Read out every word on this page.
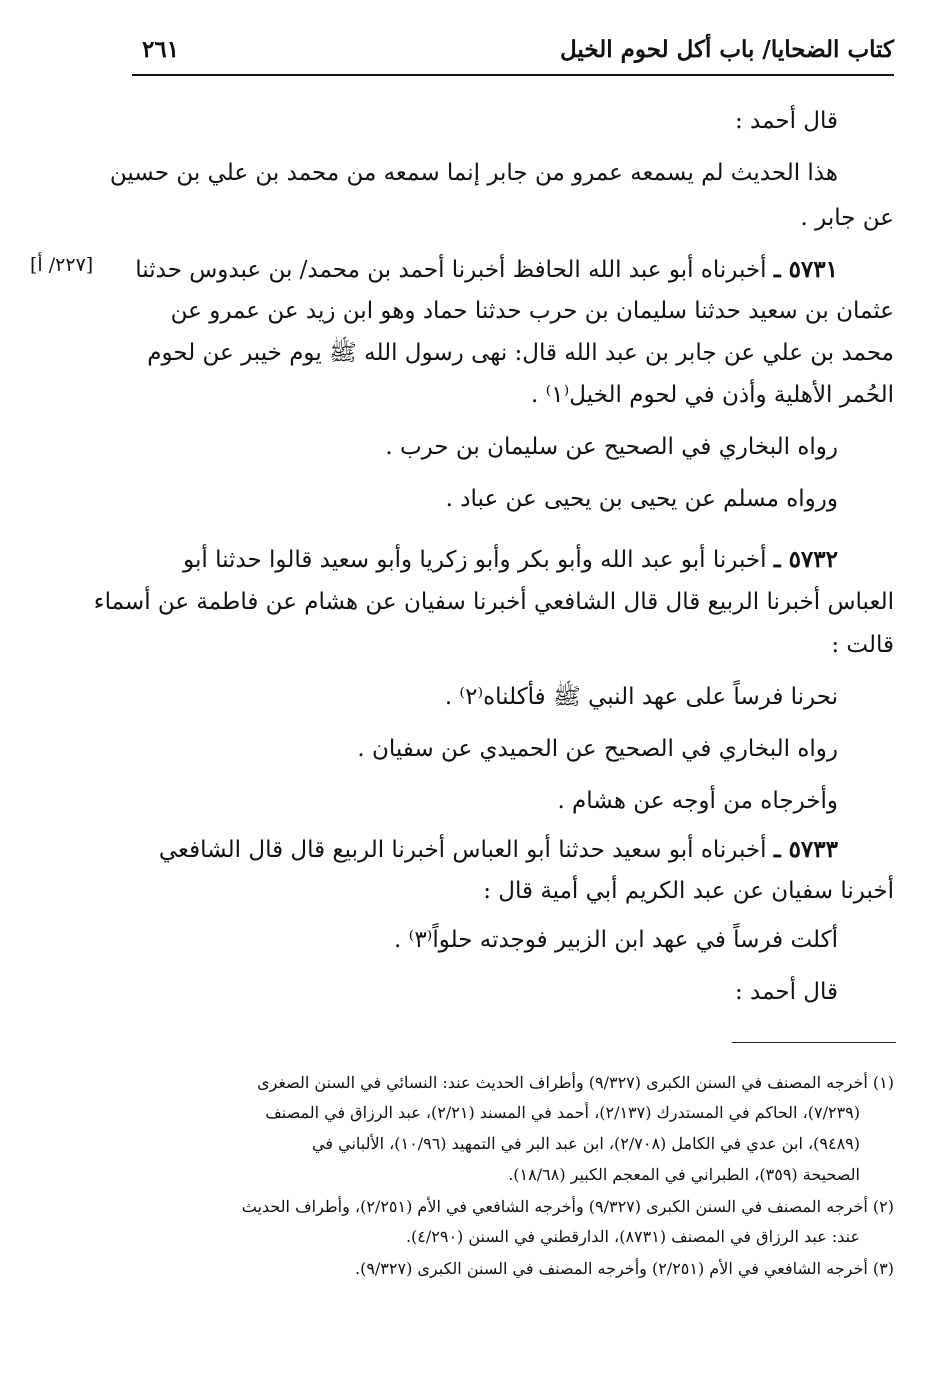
كتاب الضحايا/ باب أكل لحوم الخيل
٢٦١
[٢٢٧/ أ]
قال أحمد :
هذا الحديث لم يسمعه عمرو من جابر إنما سمعه من محمد بن علي بن حسين
عن جابر .
٥٧٣١ ـ أخبرناه أبو عبد الله الحافظ أخبرنا أحمد بن محمد/ بن عبدوس حدثنا
عثمان بن سعيد حدثنا سليمان بن حرب حدثنا حماد وهو ابن زيد عن عمرو عن
محمد بن علي عن جابر بن عبد الله قال: نهى رسول الله ﷺ يوم خيبر عن لحوم
الحُمر الأهلية وأذن في لحوم الخيل⁽١⁾ .
رواه البخاري في الصحيح عن سليمان بن حرب .
ورواه مسلم عن يحيى بن يحيى عن عباد .
٥٧٣٢ ـ أخبرنا أبو عبد الله وأبو بكر وأبو زكريا وأبو سعيد قالوا حدثنا أبو
العباس أخبرنا الربيع قال قال الشافعي أخبرنا سفيان عن هشام عن فاطمة عن أسماء
قالت :
نحرنا فرساً على عهد النبي ﷺ فأكلناه⁽٢⁾ .
رواه البخاري في الصحيح عن الحميدي عن سفيان .
وأخرجاه من أوجه عن هشام .
٥٧٣٣ ـ أخبرناه أبو سعيد حدثنا أبو العباس أخبرنا الربيع قال قال الشافعي
أخبرنا سفيان عن عبد الكريم أبي أمية قال :
أكلت فرساً في عهد ابن الزبير فوجدته حلواً⁽٣⁾ .
قال أحمد :
(١) أخرجه المصنف في السنن الكبرى (٩/٣٢٧) وأطراف الحديث عند: النسائي في السنن الصغرى
(٧/٢٣٩)، الحاكم في المستدرك (٢/١٣٧)، أحمد في المسند (٢/٢١)، عبد الرزاق في المصنف
(٩٤٨٩)، ابن عدي في الكامل (٢/٧٠٨)، ابن عبد البر في التمهيد (١٠/٩٦)، الألباني في
الصحيحة (٣٥٩)، الطبراني في المعجم الكبير (١٨/٦٨).
(٢) أخرجه المصنف في السنن الكبرى (٩/٣٢٧) وأخرجه الشافعي في الأم (٢/٢٥١)، وأطراف الحديث
عند: عبد الرزاق في المصنف (٨٧٣١)، الدارقطني في السنن (٤/٢٩٠).
(٣) أخرجه الشافعي في الأم (٢/٢٥١) وأخرجه المصنف في السنن الكبرى (٩/٣٢٧).
